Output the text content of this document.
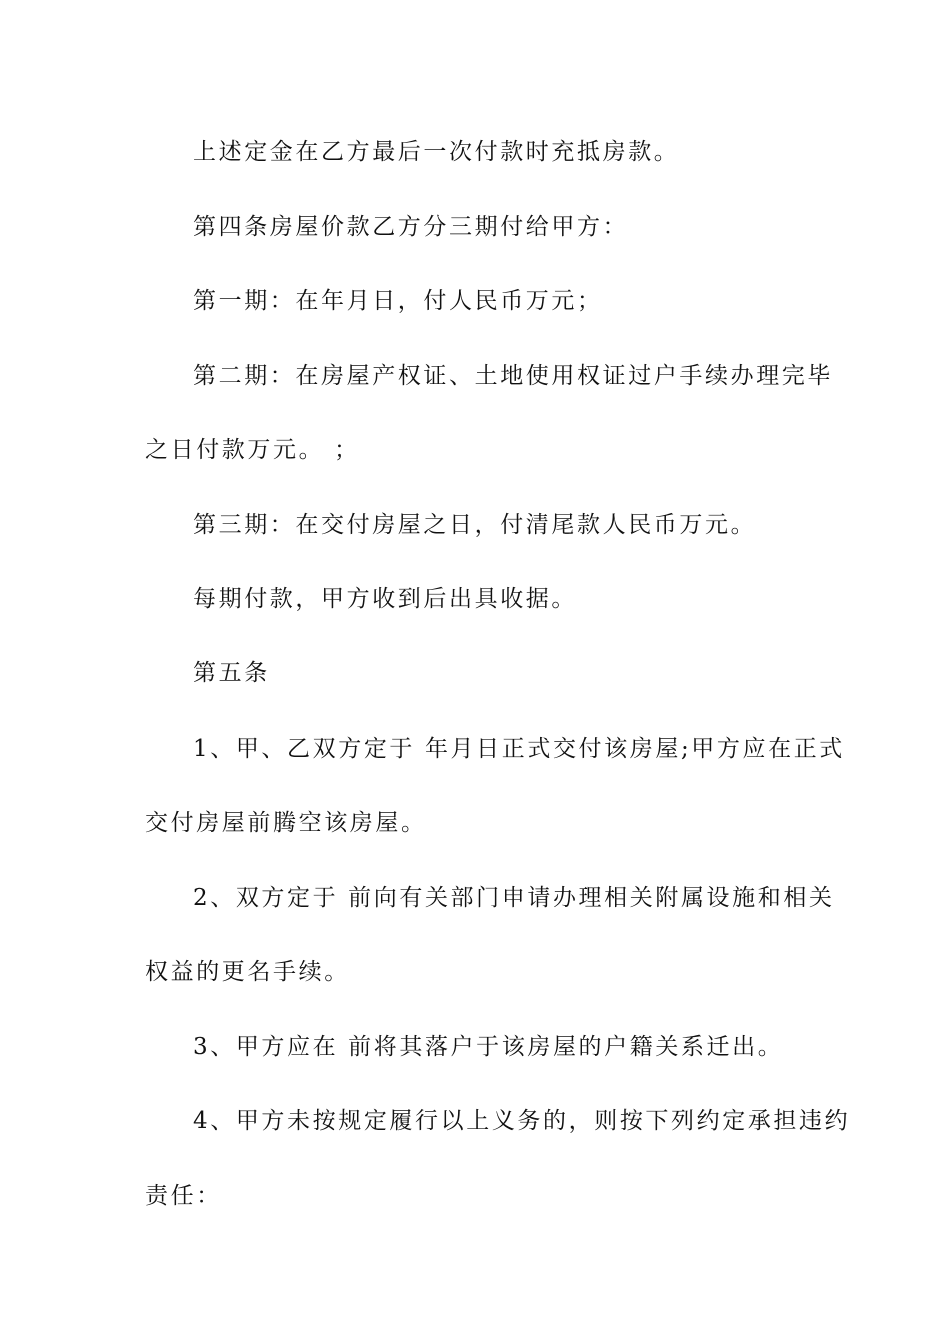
上述定金在乙方最后一次付款时充抵房款。
第四条房屋价款乙方分三期付给甲方：
第一期：在年月日，付人民币万元；
第二期：在房屋产权证、土地使用权证过户手续办理完毕
之日付款万元。 ；
第三期：在交付房屋之日，付清尾款人民币万元。
每期付款，甲方收到后出具收据。
第五条
1、甲、乙双方定于 年月日正式交付该房屋;甲方应在正式
交付房屋前腾空该房屋。
2、双方定于 前向有关部门申请办理相关附属设施和相关
权益的更名手续。
3、甲方应在 前将其落户于该房屋的户籍关系迁出。
4、甲方未按规定履行以上义务的，则按下列约定承担违约
责任：
